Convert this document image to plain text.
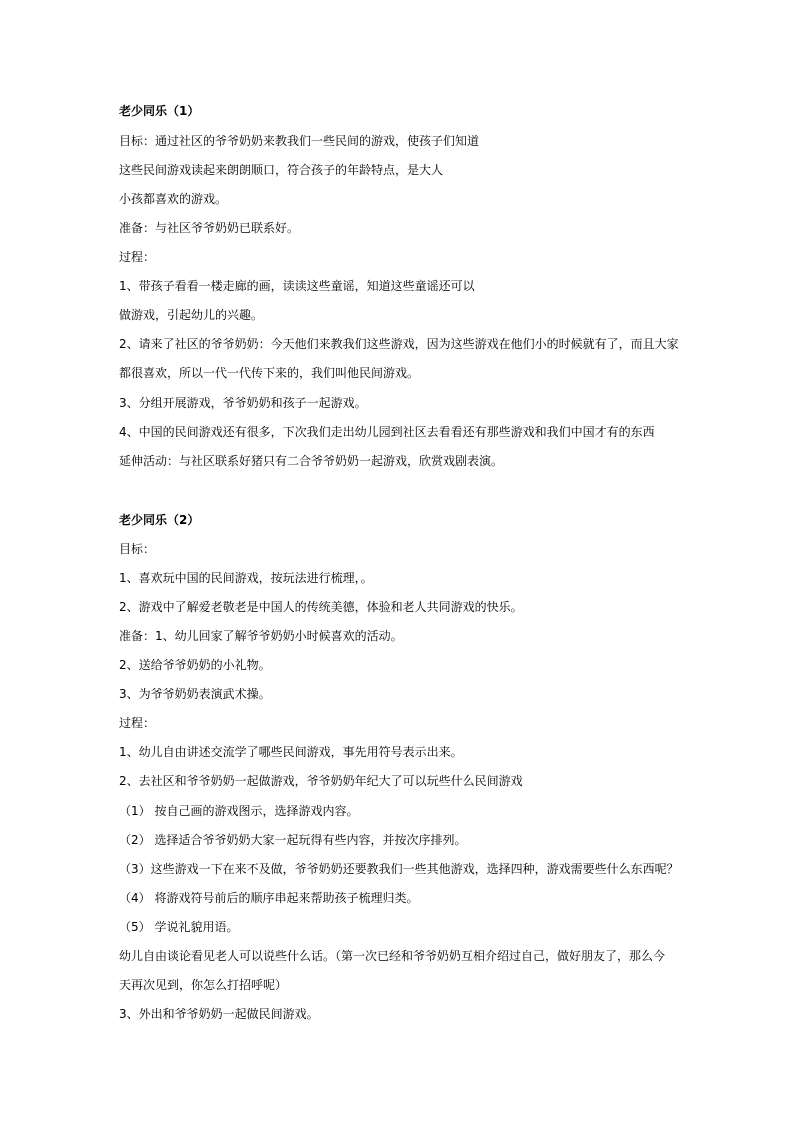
老少同乐（1）
目标：通过社区的爷爷奶奶来教我们一些民间的游戏，使孩子们知道
这些民间游戏读起来朗朗顺口，符合孩子的年龄特点，是大人
小孩都喜欢的游戏。
准备：与社区爷爷奶奶已联系好。
过程：
1、带孩子看看一楼走廊的画，读读这些童谣，知道这些童谣还可以
做游戏，引起幼儿的兴趣。
2、请来了社区的爷爷奶奶：今天他们来教我们这些游戏，因为这些游戏在他们小的时候就有了，而且大家
都很喜欢，所以一代一代传下来的，我们叫他民间游戏。
3、分组开展游戏，爷爷奶奶和孩子一起游戏。
4、中国的民间游戏还有很多，下次我们走出幼儿园到社区去看看还有那些游戏和我们中国才有的东西
延伸活动：与社区联系好猪只有二合爷爷奶奶一起游戏，欣赏戏剧表演。
老少同乐（2）
目标：
1、喜欢玩中国的民间游戏，按玩法进行梳理，。
2、游戏中了解爱老敬老是中国人的传统美德，体验和老人共同游戏的快乐。
准备：1、幼儿回家了解爷爷奶奶小时候喜欢的活动。
2、送给爷爷奶奶的小礼物。
3、为爷爷奶奶表演武术操。
过程：
1、幼儿自由讲述交流学了哪些民间游戏，事先用符号表示出来。
2、去社区和爷爷奶奶一起做游戏，爷爷奶奶年纪大了可以玩些什么民间游戏
（1） 按自己画的游戏图示，选择游戏内容。
（2） 选择适合爷爷奶奶大家一起玩得有些内容，并按次序排列。
（3）这些游戏一下在来不及做，爷爷奶奶还要教我们一些其他游戏，选择四种，游戏需要些什么东西呢？
（4） 将游戏符号前后的顺序串起来帮助孩子梳理归类。
（5） 学说礼貌用语。
幼儿自由谈论看见老人可以说些什么话。（第一次已经和爷爷奶奶互相介绍过自己，做好朋友了，那么今
天再次见到，你怎么打招呼呢）
3、外出和爷爷奶奶一起做民间游戏。
